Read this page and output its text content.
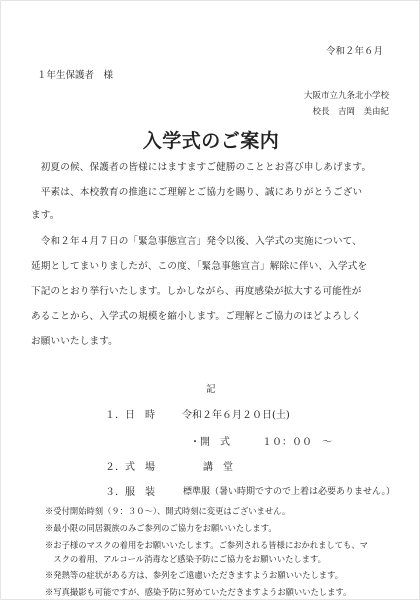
令和２年６月
１年生保護者　様
大阪市立九条北小学校
校長　吉岡　美由紀
入学式のご案内
　初夏の候、保護者の皆様にはますますご健勝のこととお喜び申しあげます。
　平素は、本校教育の推進にご理解とご協力を賜り、誠にありがとうござい
ます。
　令和２年４月７日の「緊急事態宣言」発令以後、入学式の実施について、
延期としてまいりましたが、この度、「緊急事態宣言」解除に伴い、入学式を
下記のとおり挙行いたします。しかしながら、再度感染が拡大する可能性が
あることから、入学式の規模を縮小します。ご理解とご協力のほどよろしく
お願いいたします。
記
１．日　時	令和２年６月２０日(土)
・開　式	１０：００　～
２．式　場	講　堂
３．服　装	標準服（暑い時期ですので上着は必要ありません。）
※受付開始時刻（９：３０～）、開式時刻に変更はございません。
※最小限の同居親族のみご参列のご協力をお願いいたします。
※お子様のマスクの着用をお願いいたします。ご参列される皆様におかれましても、マ
　スクの着用、アルコール消毒など感染予防にご協力をお願いいたします。
※発熱等の症状がある方は、参列をご遠慮いただきますようお願いいたします。
※写真撮影も可能ですが、感染予防に努めていただきますようお願いいたします。
